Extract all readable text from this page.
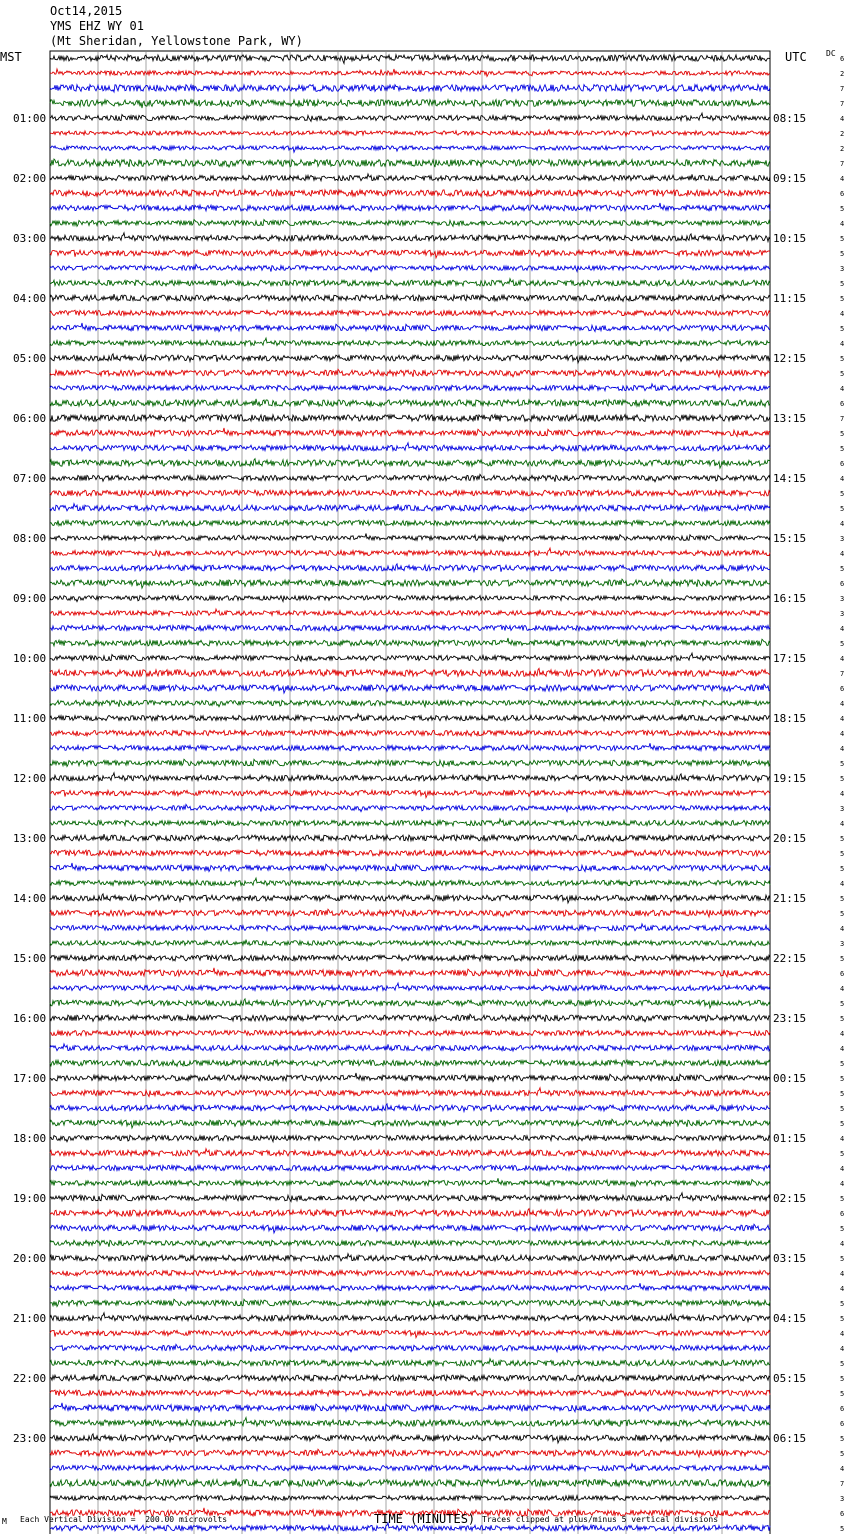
Oct14,2015
YMS EHZ WY 01
(Mt Sheridan, Yellowstone Park, WY)
MST	UTC DC
6
2
7
7
4
2
2
7
4
6
5
4
5
5
3
5
5
4
5
4
5
5
4
6
7
5
5
6
4
5
5
4
3
4
5
6
3
3
4
5
4
7
6
4
4
4
4
5
5
4
3
4
5
5
5
4
5
5
4
3
5
6
4
5
5
4
4
5
5
5
5
5
4
5
4
4
5
6
5
4
5
4
4
5
5
4
4
5
5
5
6
6
5
5
4
7
3
6
5
01:00	08:15
02:00	09:15
03:00	10:15
04:00	11:15
05:00	12:15
06:00	13:15
07:00	14:15
08:00	15:15
09:00	16:15
10:00	17:15
11:00	18:15
12:00	19:15
13:00	20:15
14:00	21:15
15:00	22:15
16:00	23:15
17:00	00:15
18:00	01:15
19:00	02:15
20:00	03:15
21:00	04:15
22:00	05:15
23:00	06:15
M Each Vertical Division =  200.00 microvolts	TIME (MINUTES) Traces clipped at plus/minus 5 vertical divisions
